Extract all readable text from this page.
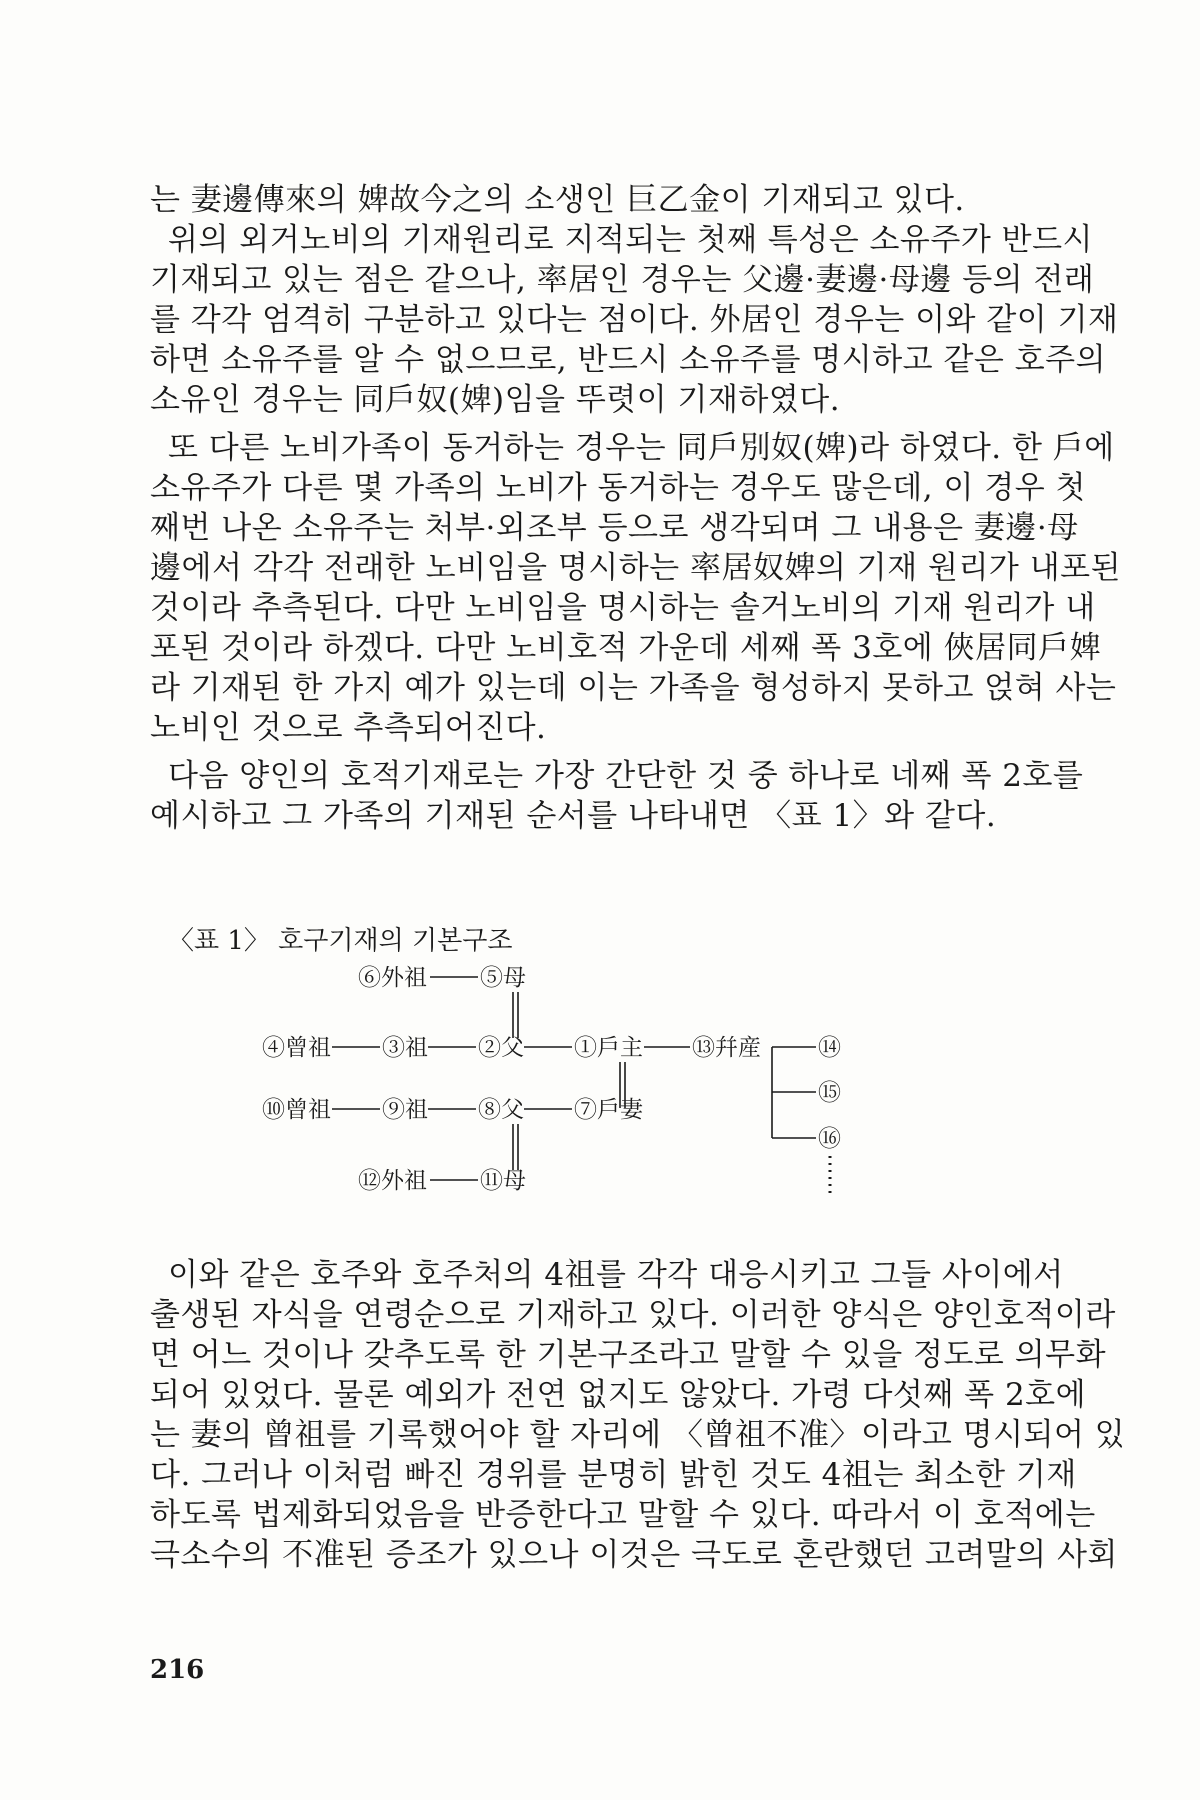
는 妻邊傳來의 婢故今之의 소생인 巨乙金이 기재되고 있다.
위의 외거노비의 기재원리로 지적되는 첫째 특성은 소유주가 반드시
기재되고 있는 점은 같으나, 率居인 경우는 父邊·妻邊·母邊 등의 전래
를 각각 엄격히 구분하고 있다는 점이다. 外居인 경우는 이와 같이 기재
하면 소유주를 알 수 없으므로, 반드시 소유주를 명시하고 같은 호주의
소유인 경우는 同戶奴(婢)임을 뚜렷이 기재하였다.
또 다른 노비가족이 동거하는 경우는 同戶別奴(婢)라 하였다. 한 戶에
소유주가 다른 몇 가족의 노비가 동거하는 경우도 많은데, 이 경우 첫
째번 나온 소유주는 처부·외조부 등으로 생각되며 그 내용은 妻邊·母
邊에서 각각 전래한 노비임을 명시하는 率居奴婢의 기재 원리가 내포된
것이라 추측된다. 다만 노비임을 명시하는 솔거노비의 기재 원리가 내
포된 것이라 하겠다. 다만 노비호적 가운데 세째 폭 3호에 俠居同戶婢
라 기재된 한 가지 예가 있는데 이는 가족을 형성하지 못하고 얹혀 사는
노비인 것으로 추측되어진다.
다음 양인의 호적기재로는 가장 간단한 것 중 하나로 네째 폭 2호를
예시하고 그 가족의 기재된 순서를 나타내면 〈표 1〉와 같다.
〈표 1〉 호구기재의 기본구조
⑥外祖 ⑤母
④曾祖 ③祖 ②父 ①戶主 ⑬幷産 ⑭
⑮
⑯
⑩曾祖 ⑨祖 ⑧父 ⑦戶妻
⑫外祖 ⑪母
이와 같은 호주와 호주처의 4祖를 각각 대응시키고 그들 사이에서
출생된 자식을 연령순으로 기재하고 있다. 이러한 양식은 양인호적이라
면 어느 것이나 갖추도록 한 기본구조라고 말할 수 있을 정도로 의무화
되어 있었다. 물론 예외가 전연 없지도 않았다. 가령 다섯째 폭 2호에
는 妻의 曾祖를 기록했어야 할 자리에 〈曾祖不准〉이라고 명시되어 있
다. 그러나 이처럼 빠진 경위를 분명히 밝힌 것도 4祖는 최소한 기재
하도록 법제화되었음을 반증한다고 말할 수 있다. 따라서 이 호적에는
극소수의 不准된 증조가 있으나 이것은 극도로 혼란했던 고려말의 사회
216
